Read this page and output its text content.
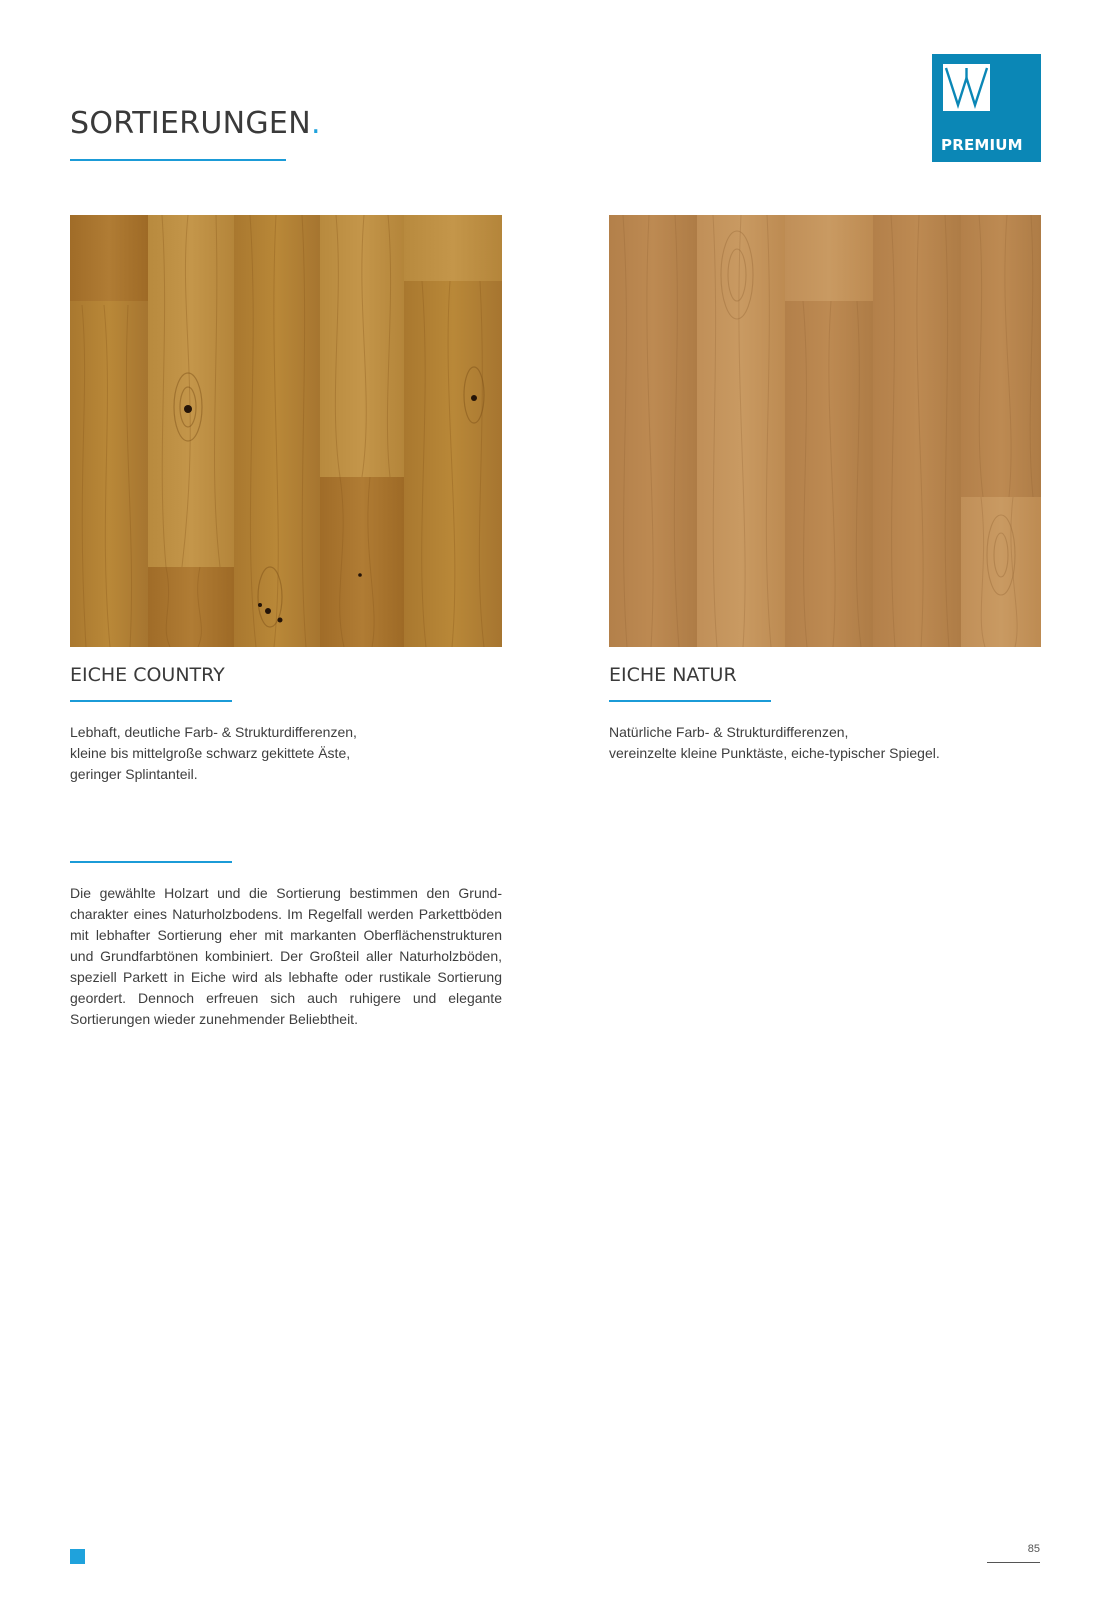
SORTIERUNGEN.
PREMIUM
EICHE COUNTRY
Lebhaft, deutliche Farb- & Strukturdifferenzen,
kleine bis mittelgroße schwarz gekittete Äste,
geringer Splintanteil.
EICHE NATUR
Natürliche Farb- & Strukturdifferenzen,
vereinzelte kleine Punktäste, eiche-typischer Spiegel.
Die gewählte Holzart und die Sortierung bestimmen den Grundcharakter eines Naturholzbodens. Im Regelfall werden Parkettböden mit lebhafter Sortierung eher mit markanten Oberflächenstrukturen und Grundfarbtönen kombiniert. Der Großteil aller Naturholzböden, speziell Parkett in Eiche wird als lebhafte oder rustikale Sortierung geordert. Dennoch erfreuen sich auch ruhigere und elegante Sortierungen wieder zunehmender Beliebtheit.
85
